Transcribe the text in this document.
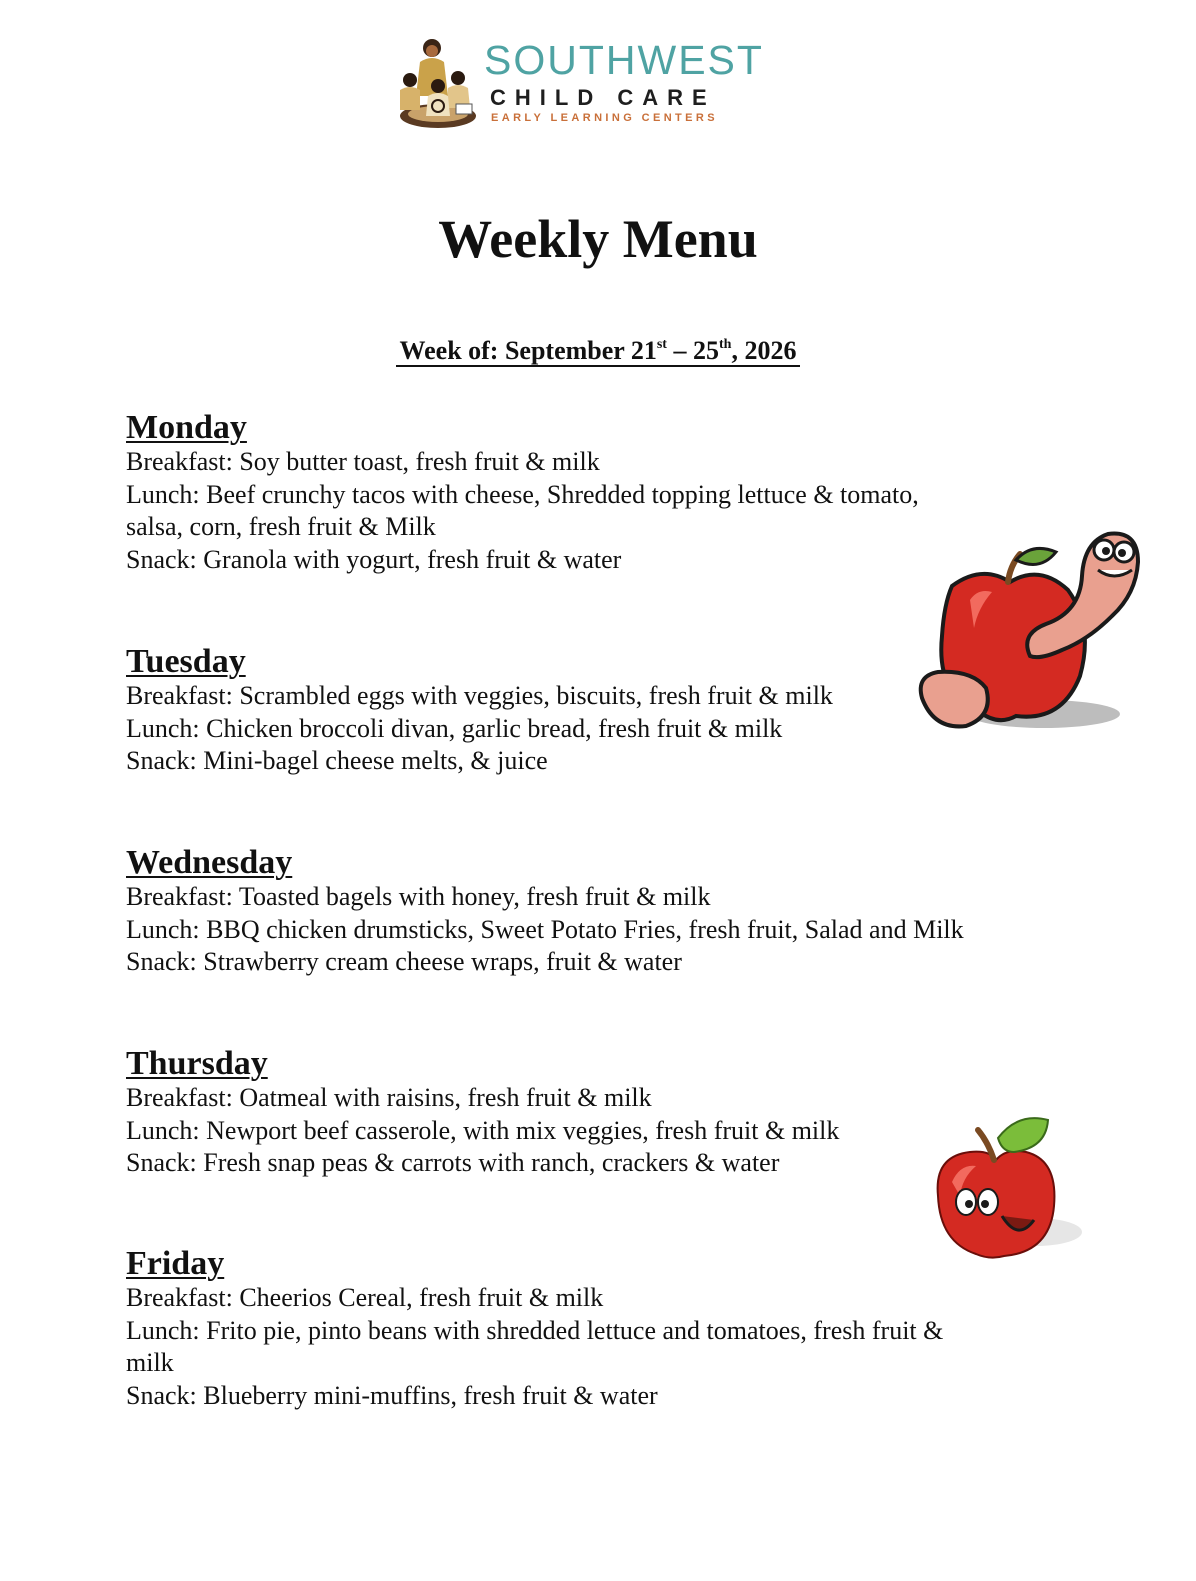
SOUTHWEST
CHILD CARE
EARLY LEARNING CENTERS
Weekly Menu
Week of: September 21st – 25th, 2026
Monday

Breakfast: Soy butter toast, fresh fruit & milk

Lunch: Beef crunchy tacos with cheese, Shredded topping lettuce & tomato,

salsa, corn, fresh fruit & Milk

Snack: Granola with yogurt, fresh fruit & water

Tuesday

Breakfast: Scrambled eggs with veggies, biscuits, fresh fruit & milk

Lunch: Chicken broccoli divan, garlic bread, fresh fruit & milk

Snack: Mini-bagel cheese melts, & juice

Wednesday

Breakfast: Toasted bagels with honey, fresh fruit & milk

Lunch: BBQ chicken drumsticks, Sweet Potato Fries, fresh fruit, Salad and Milk

Snack: Strawberry cream cheese wraps, fruit & water

Thursday

Breakfast: Oatmeal with raisins, fresh fruit & milk

Lunch: Newport beef casserole, with mix veggies, fresh fruit & milk

Snack: Fresh snap peas & carrots with ranch, crackers & water

Friday

Breakfast: Cheerios Cereal, fresh fruit & milk

Lunch: Frito pie, pinto beans with shredded lettuce and tomatoes, fresh fruit &

milk

Snack: Blueberry mini-muffins, fresh fruit & water
